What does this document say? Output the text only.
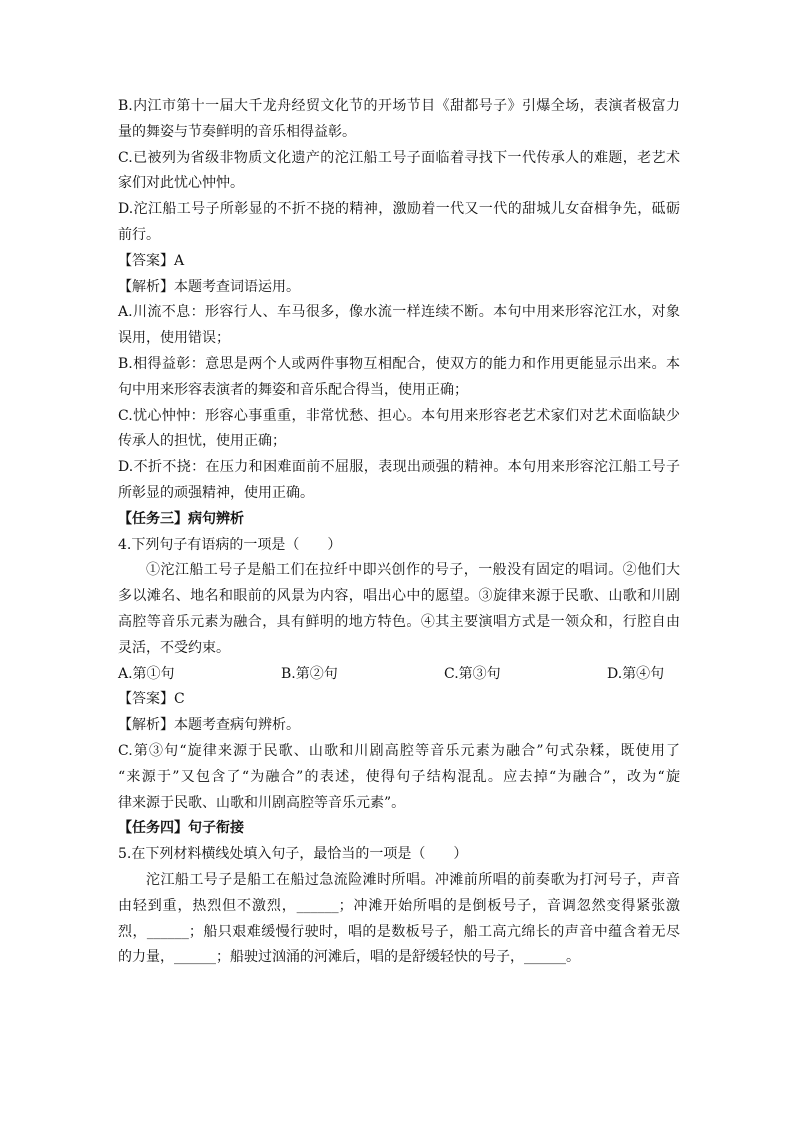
B.内江市第十一届大千龙舟经贸文化节的开场节目《甜都号子》引爆全场，表演者极富力
量的舞姿与节奏鲜明的音乐相得益彰。
C.已被列为省级非物质文化遗产的沱江船工号子面临着寻找下一代传承人的难题，老艺术
家们对此忧心忡忡。
D.沱江船工号子所彰显的不折不挠的精神，激励着一代又一代的甜城儿女奋楫争先，砥砺
前行。
【答案】A
【解析】本题考查词语运用。
A.川流不息：形容行人、车马很多，像水流一样连续不断。本句中用来形容沱江水，对象
误用，使用错误；
B.相得益彰：意思是两个人或两件事物互相配合，使双方的能力和作用更能显示出来。本
句中用来形容表演者的舞姿和音乐配合得当，使用正确；
C.忧心忡忡：形容心事重重，非常忧愁、担心。本句用来形容老艺术家们对艺术面临缺少
传承人的担忧，使用正确；
D.不折不挠：在压力和困难面前不屈服，表现出顽强的精神。本句用来形容沱江船工号子
所彰显的顽强精神，使用正确。
【任务三】病句辨析
4.下列句子有语病的一项是（　　）
①沱江船工号子是船工们在拉纤中即兴创作的号子，一般没有固定的唱词。②他们大
多以滩名、地名和眼前的风景为内容，唱出心中的愿望。③旋律来源于民歌、山歌和川剧
高腔等音乐元素为融合，具有鲜明的地方特色。④其主要演唱方式是一领众和，行腔自由
灵活，不受约束。
A.第①句	B.第②句	C.第③句	D.第④句
【答案】C
【解析】本题考查病句辨析。
C.第③句“旋律来源于民歌、山歌和川剧高腔等音乐元素为融合”句式杂糅，既使用了
“来源于”又包含了“为融合”的表述，使得句子结构混乱。应去掉“为融合”，改为“旋
律来源于民歌、山歌和川剧高腔等音乐元素”。
【任务四】句子衔接
5.在下列材料横线处填入句子，最恰当的一项是（　　）
沱江船工号子是船工在船过急流险滩时所唱。冲滩前所唱的前奏歌为打河号子，声音
由轻到重，热烈但不激烈，______；冲滩开始所唱的是倒板号子，音调忽然变得紧张激
烈，______；船只艰难缓慢行驶时，唱的是数板号子，船工高亢绵长的声音中蕴含着无尽
的力量，______；船驶过汹涌的河滩后，唱的是舒缓轻快的号子，______。
